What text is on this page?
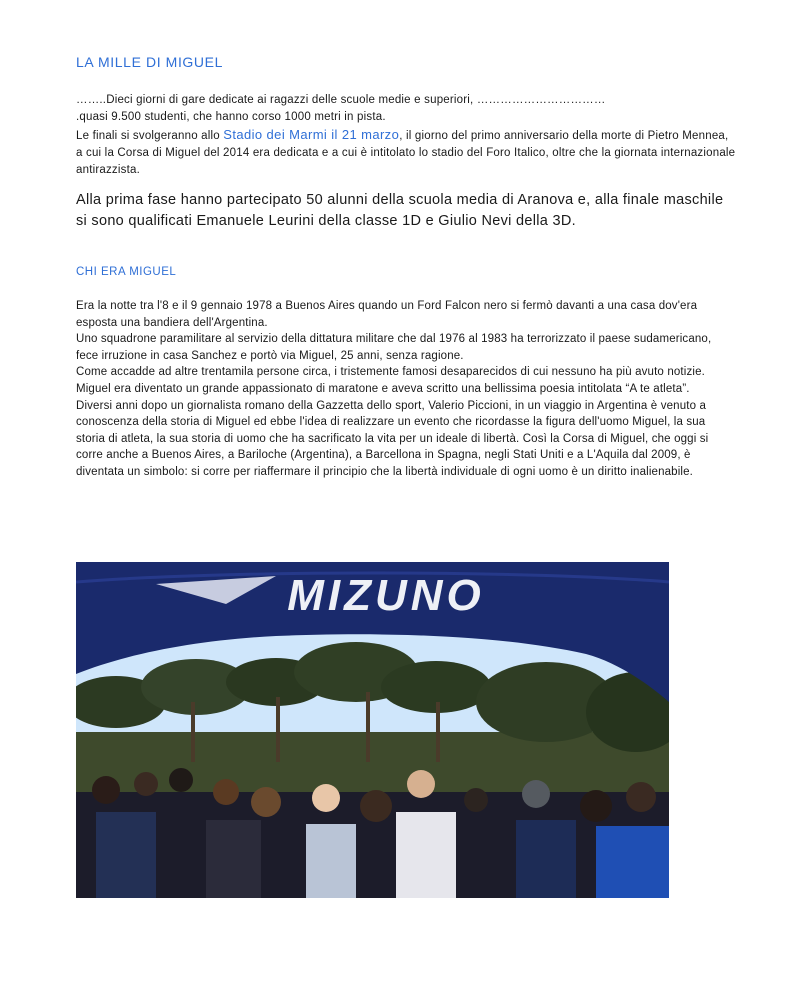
LA MILLE DI MIGUEL

……..Dieci giorni di gare dedicate ai ragazzi delle scuole medie e superiori, ……………………………

.quasi 9.500 studenti, che hanno corso 1000 metri in pista.

Le finali si svolgeranno allo Stadio dei Marmi il 21 marzo, il giorno del primo anniversario della morte di Pietro Mennea, a cui la Corsa di Miguel del 2014 era dedicata e a cui è intitolato lo stadio del Foro Italico, oltre che la giornata internazionale antirazzista.

Alla prima fase hanno partecipato 50 alunni della scuola media di Aranova e, alla finale maschile si sono qualificati Emanuele Leurini della classe 1D e Giulio Nevi della 3D.

CHI ERA MIGUEL

Era la notte tra l'8 e il 9 gennaio 1978 a Buenos Aires quando un Ford Falcon nero si fermò davanti a una casa dov'era esposta una bandiera dell'Argentina.

Uno squadrone paramilitare al servizio della dittatura militare che dal 1976 al 1983 ha terrorizzato il paese sudamericano, fece irruzione in casa Sanchez e portò via Miguel, 25 anni, senza ragione.

Come accadde ad altre trentamila persone circa, i tristemente famosi desaparecidos di cui nessuno ha più avuto notizie. Miguel era diventato un grande appassionato di maratone e aveva scritto una bellissima poesia intitolata “A te atleta”.

Diversi anni dopo un giornalista romano della Gazzetta dello sport, Valerio Piccioni, in un viaggio in Argentina è venuto a conoscenza della storia di Miguel ed ebbe l'idea di realizzare un evento che ricordasse la figura dell'uomo Miguel, la sua storia di atleta, la sua storia di uomo che ha sacrificato la vita per un ideale di libertà. Così la Corsa di Miguel, che oggi si corre anche a Buenos Aires, a Bariloche (Argentina), a Barcellona in Spagna, negli Stati Uniti e a L'Aquila dal 2009, è diventata un simbolo: si corre per riaffermare il principio che la libertà individuale di ogni uomo è un diritto inalienabile.

MIZUNO
